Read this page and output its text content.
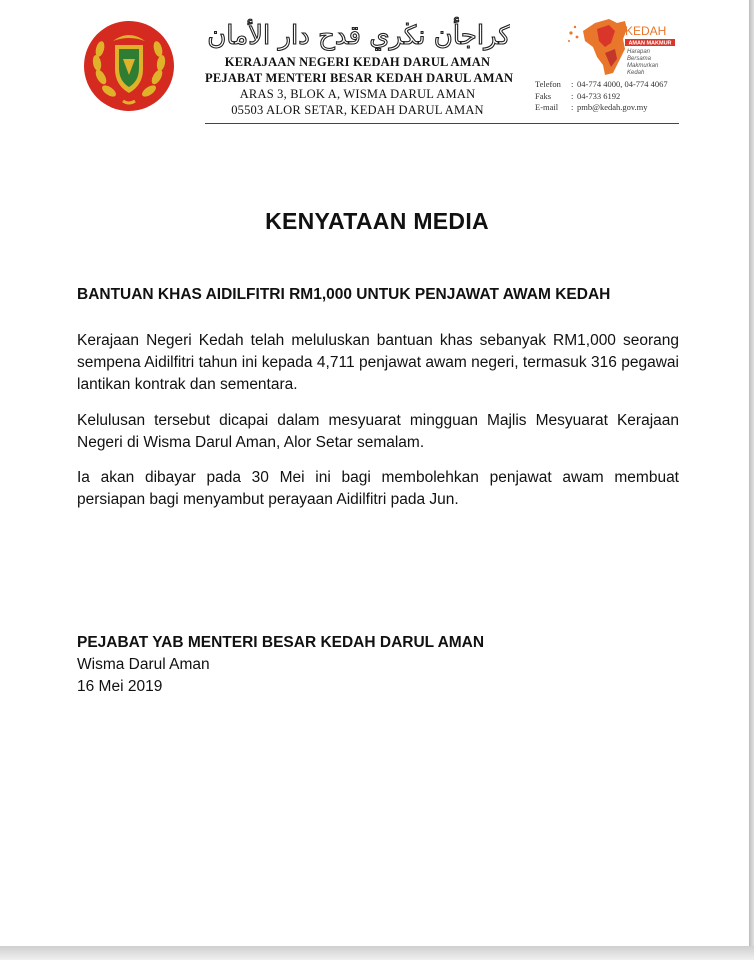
كراجأن نڬري قدح دار الأمان
KERAJAAN NEGERI KEDAH DARUL AMAN
PEJABAT MENTERI BESAR KEDAH DARUL AMAN
ARAS 3, BLOK A, WISMA DARUL AMAN
05503 ALOR SETAR, KEDAH DARUL AMAN
KEDAH
AMAN MAKMUR
Harapan
Bersama
Makmurkan
Kedah
Telefon	: 04-774 4000, 04-774 4067
Faks	: 04-733 6192
E-mail	: pmb@kedah.gov.my
KENYATAAN MEDIA
BANTUAN KHAS AIDILFITRI RM1,000 UNTUK PENJAWAT AWAM KEDAH
Kerajaan Negeri Kedah telah meluluskan bantuan khas sebanyak RM1,000 seorang sempena Aidilfitri tahun ini kepada 4,711 penjawat awam negeri, termasuk 316 pegawai lantikan kontrak dan sementara.
Kelulusan tersebut dicapai dalam mesyuarat mingguan Majlis Mesyuarat Kerajaan Negeri di Wisma Darul Aman, Alor Setar semalam.
Ia akan dibayar pada 30 Mei ini bagi membolehkan penjawat awam membuat persiapan bagi menyambut perayaan Aidilfitri pada Jun.
PEJABAT YAB MENTERI BESAR KEDAH DARUL AMAN
Wisma Darul Aman
16 Mei 2019
